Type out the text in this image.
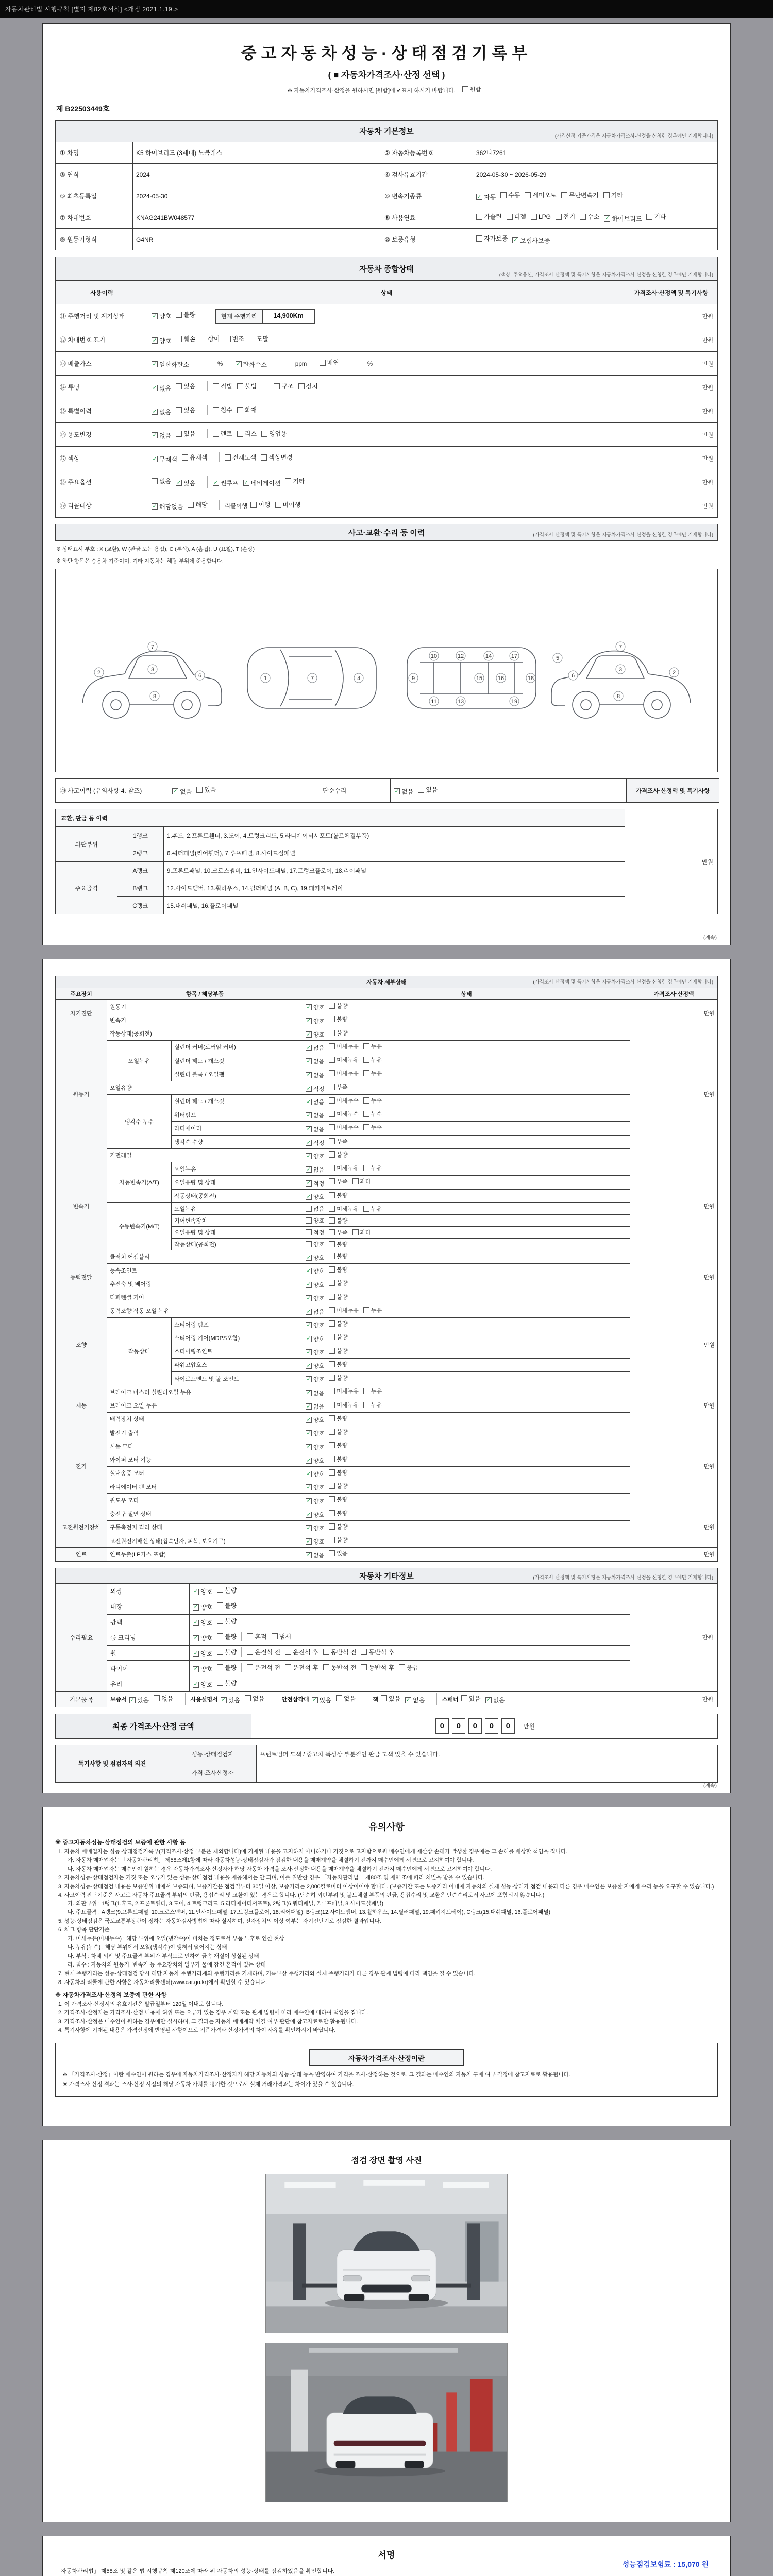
자동차관리법 시행규칙 [별지 제82호서식] <개정 2021.1.19.>
중고자동차성능·상태점검기록부
( ■ 자동차가격조사·산정 선택 )
※ 자동차가격조사·산정을 원하시면 [원함]에 ✔표시 하시기 바랍니다.	원함
제 B22503449호
자동차 기본정보
(가격산정 기준가격은 자동차가격조사·산정을 신청한 경우에만 기재합니다)			

① 차명	K5 하이브리드 (3세대) 노블레스	② 자동차등록번호	362나7261
③ 연식	2024	④ 검사유효기간	2024-05-30 ~ 2026-05-29
⑤ 최초등록일	2024-05-30	⑥ 변속기종류	✓ 자동 수동 세미오토 무단변속기 기타

⑦ 차대번호	KNAG241BW048577	⑧ 사용연료	가솔린 디젤 LPG 전기 수소 ✓ 하이브리드 기타

⑨ 원동기형식	G4NR	⑩ 보증유형	자가보증 ✓ 보험사보증
자동차 종합상태
(색상, 주요옵션, 가격조사·산정액 및 특기사항은 자동차가격조사·산정을 신청한 경우에만 기재합니다)		

사용이력	상태	가격조사·산정액 및 특기사항
⑪ 주행거리 및 계기상태	✓ 양호 불량
현재 주행거리 14,900Km	만원
⑫ 차대번호 표기	✓ 양호 훼손 상이 변조 도말	만원
⑬ 배출가스	✓ 일산화탄소	% ✓ 탄화수소	ppm	매연	%	만원
⑭ 튜닝	✓ 없음 있음
	적법 불법
	구조 장치	만원
⑮ 특별이력	✓ 없음 있음
침수 화재	만원
⑯ 용도변경	✓ 없음 있음
	렌트 리스 영업용	만원
⑰ 색상	✓ 무채색 유채색
전체도색 색상변경	만원
⑱ 주요옵션	없음 ✓ 있음
	✓ 썬루프 ✓ 네비게이션 기타	만원
⑲ 리콜대상	✓ 해당없음 해당	리콜이행 이행 미이행	만원
사고·교환·수리 등 이력	(가격조사·산정액 및 특기사항은 자동차가격조사·산정을 신청한 경우에만 기재합니다)
※ 상태표시 부호 : X (교환), W (판금 또는 용접), C (부식), A (흠집), U (요철), T (손상)
※ 하단 항목은 승용차 기준이며, 기타 자동차는 해당 부위에 준용합니다.
2	3
6
7
8
1	7	4	9
10
11
12
13
14
15	16
17
18
19
5
2
3
6
7
8
⑳ 사고이력 (유의사항 4. 참조)	✓ 없음 있음	단순수리	✓ 없음 있음	가격조사·산정액 및 특기사항
교환, 판금 등 이력			만원
외판부위	1랭크	1.후드, 2.프론트휀더, 3.도어, 4.트렁크리드, 5.라디에이터서포트(볼트체결부품)	
	2랭크	6.쿼터패널(리어휀더), 7.루프패널, 8.사이드실패널	
주요골격	A랭크	9.프론트패널, 10.크로스멤버, 11.인사이드패널, 17.트렁크플로어, 18.리어패널	
	B랭크	12.사이드멤버, 13.휠하우스, 14.필러패널 (A, B, C), 19.패키지트레이	
	C랭크	15.대쉬패널, 16.플로어패널	
(계속)
자동차 세부상태 (가격조사·산정액 및 특기사항은 자동차가격조사·산정을 신청한 경우에만 기재합니다)				

주요장치	항목 / 해당부품		상태	가격조사·산정액
자기진단	원동기		✓ 양호 불량	만원
	변속기		✓ 양호 불량	

원동기	작동상태(공회전)		✓ 양호 불량	만원
	오일누유	실린더 커버(로커암 커버)	✓ 없음 미세누유 누유	

		실린더 헤드 / 개스킷	✓ 없음 미세누유 누유	

		실린더 블록 / 오일팬	✓ 없음 미세누유 누유	

	오일유량		✓ 적정 부족	

	냉각수 누수	실린더 헤드 / 개스킷	✓ 없음 미세누수 누수	

		워터펌프	✓ 없음 미세누수 누수	

		라디에이터	✓ 없음 미세누수 누수	

		냉각수 수량	✓ 적정 부족	

	커먼레일		✓ 양호 불량	

변속기	자동변속기(A/T)	오일누유	✓ 없음 미세누유 누유	만원
		오일유량 및 상태	✓ 적정 부족 과다	

		작동상태(공회전)	✓ 양호 불량	

	수동변속기(M/T)	오일누유	없음 미세누유 누유	

		기어변속장치	양호 불량	

		오일유량 및 상태	적정 부족 과다	

		작동상태(공회전)	양호 불량	

동력전달	클러치 어셈블리		✓ 양호 불량	만원
	등속조인트		✓ 양호 불량	

	추진축 및 베어링		✓ 양호 불량	

	디퍼렌셜 기어		✓ 양호 불량	

조향	동력조향 작동 오일 누유		✓ 없음 미세누유 누유	만원
	작동상태	스티어링 펌프	✓ 양호 불량	

		스티어링 기어(MDPS포함)	✓ 양호 불량	

		스티어링조인트	✓ 양호 불량	

		파워고압호스	✓ 양호 불량	

		타이로드엔드 및 볼 조인트	✓ 양호 불량	

제동	브레이크 마스터 실린더오일 누유		✓ 없음 미세누유 누유	만원
	브레이크 오일 누유		✓ 없음 미세누유 누유	

	배력장치 상태		✓ 양호 불량	

전기	발전기 출력		✓ 양호 불량	만원
	시동 모터		✓ 양호 불량	

	와이퍼 모터 기능		✓ 양호 불량	

	실내송풍 모터		✓ 양호 불량	

	라디에이터 팬 모터		✓ 양호 불량	

	윈도우 모터		✓ 양호 불량	

고전원전기장치	충전구 절연 상태		✓ 양호 불량	만원
	구동축전지 격리 상태		✓ 양호 불량	

	고전원전기배선 상태(접속단자, 피복, 보호기구)		✓ 양호 불량	

연료	연료누출(LP가스 포함)		✓ 없음 있음	만원
자동차 기타정보 (가격조사·산정액 및 특기사항은 자동차가격조사·산정을 신청한 경우에만 기재합니다)			

수리필요	외장	✓ 양호 불량	만원
	내장	✓ 양호 불량	

	광택	✓ 양호 불량	

	룸 크리닝	✓ 양호 불량 흔적 냄새	

휠	✓ 양호 불량	운전석 전 운전석 후 동반석 전 동반석 후

타이어	✓ 양호 불량	운전석 전 운전석 후 동반석 전 동반석 후 응급

	유리	✓ 양호 불량	

기본품목	보증서 ✓ 있음 없음	사용설명서 ✓ 있음 없음	안전삼각대 ✓ 있음 없음	잭 있음 ✓ 없음	스패너 있음 ✓ 없음	만원
최종 가격조사·산정 금액	0 0 0 0 0 만원
특기사항 및 점검자의 의견	성능·상태점검자	프런트범퍼 도색 / 중고차 특성상 부분적인 판금 도색 있을 수 있습니다.
	가격·조사산정자	
(계속)
유의사항
※ 중고자동차성능·상태점검의 보증에 관한 사항 등
1. 자동차 매매업자는 성능·상태점검기록부(가격조사·산정 부분은 제외합니다)에 기재된 내용을 고지하지 아니하거나 거짓으로 고지함으로써 매수인에게 재산상 손해가 발생한 경우에는 그 손해를 배상할 책임을 집니다.
가. 자동차 매매업자는 「자동차관리법」 제58조제1항에 따라 자동차성능·상태점검자가 점검한 내용을 매매계약을 체결하기 전까지 매수인에게 서면으로 고지하여야 합니다.
나. 자동차 매매업자는 매수인이 원하는 경우 자동차가격조사·산정자가 해당 자동차 가격을 조사·산정한 내용을 매매계약을 체결하기 전까지 매수인에게 서면으로 고지하여야 합니다.
2. 자동차성능·상태점검자는 거짓 또는 오류가 있는 성능·상태점검 내용을 제공해서는 안 되며, 이를 위반한 경우 「자동차관리법」 제80조 및 제81조에 따라 처벌을 받을 수 있습니다.
3. 자동차성능·상태점검 내용은 보증범위 내에서 보증되며, 보증기간은 점검일부터 30일 이상, 보증거리는 2,000킬로미터 이상이어야 합니다. (보증기간 또는 보증거리 이내에 자동차의 실제 성능·상태가 점검 내용과 다른 경우 매수인은 보증한 자에게 수리 등을 요구할 수 있습니다.)
4. 사고이력 판단기준은 사고로 자동차 주요골격 부위의 판금, 용접수리 및 교환이 있는 경우로 합니다. (단순히 외판부위 및 볼트체결 부품의 판금, 용접수리 및 교환은 단순수리로서 사고에 포함되지 않습니다.)
가. 외판부위 : 1랭크(1.후드, 2.프론트휀더, 3.도어, 4.트렁크리드, 5.라디에이터서포트), 2랭크(6.쿼터패널, 7.루프패널, 8.사이드실패널)
나. 주요골격 : A랭크(9.프론트패널, 10.크로스멤버, 11.인사이드패널, 17.트렁크플로어, 18.리어패널), B랭크(12.사이드멤버, 13.휠하우스, 14.필러패널, 19.패키지트레이), C랭크(15.대쉬패널, 16.플로어패널)
5. 성능·상태점검은 국토교통부장관이 정하는 자동차검사방법에 따라 실시하며, 전자장치의 이상 여부는 자기진단기로 점검한 결과입니다.
6. 체크 항목 판단기준
가. 미세누유(미세누수) : 해당 부위에 오일(냉각수)이 비치는 정도로서 부품 노후로 인한 현상
나. 누유(누수) : 해당 부위에서 오일(냉각수)이 맺혀서 떨어지는 상태
다. 부식 : 차체 외판 및 주요골격 부위가 부식으로 인하여 금속 재질이 상실된 상태
라. 침수 : 자동차의 원동기, 변속기 등 주요장치의 일부가 물에 잠긴 흔적이 있는 상태
7. 현재 주행거리는 성능·상태점검 당시 해당 자동차 주행거리계의 주행거리를 기재하며, 기록부상 주행거리와 실제 주행거리가 다른 경우 관계 법령에 따라 책임을 질 수 있습니다.
8. 자동차의 리콜에 관한 사항은 자동차리콜센터(www.car.go.kr)에서 확인할 수 있습니다.
※ 자동차가격조사·산정의 보증에 관한 사항
1. 이 가격조사·산정서의 유효기간은 발급일부터 120일 이내로 합니다.
2. 가격조사·산정자는 가격조사·산정 내용에 허위 또는 오류가 있는 경우 계약 또는 관계 법령에 따라 매수인에 대하여 책임을 집니다.
3. 가격조사·산정은 매수인이 원하는 경우에만 실시하며, 그 결과는 자동차 매매계약 체결 여부 판단에 참고자료로만 활용됩니다.
4. 특기사항에 기재된 내용은 가격산정에 반영된 사항이므로 기준가격과 산정가격의 차이 사유를 확인하시기 바랍니다.
자동차가격조사·산정이란
※ 「가격조사·산정」이란 매수인이 원하는 경우에 자동차가격조사·산정자가 해당 자동차의 성능·상태 등을 반영하여 가격을 조사·산정하는 것으로, 그 결과는 매수인의 자동차 구매 여부 결정에 참고자료로 활용됩니다.
※ 가격조사·산정 결과는 조사·산정 시점의 해당 자동차 가치를 평가한 것으로서 실제 거래가격과는 차이가 있을 수 있습니다.
점검 장면 촬영 사진
서명
성능점검보험료 : 15,070 원
「자동차관리법」 제58조 및 같은 법 시행규칙 제120조에 따라 위 자동차의 성능·상태를 점검하였음을 확인합니다.
